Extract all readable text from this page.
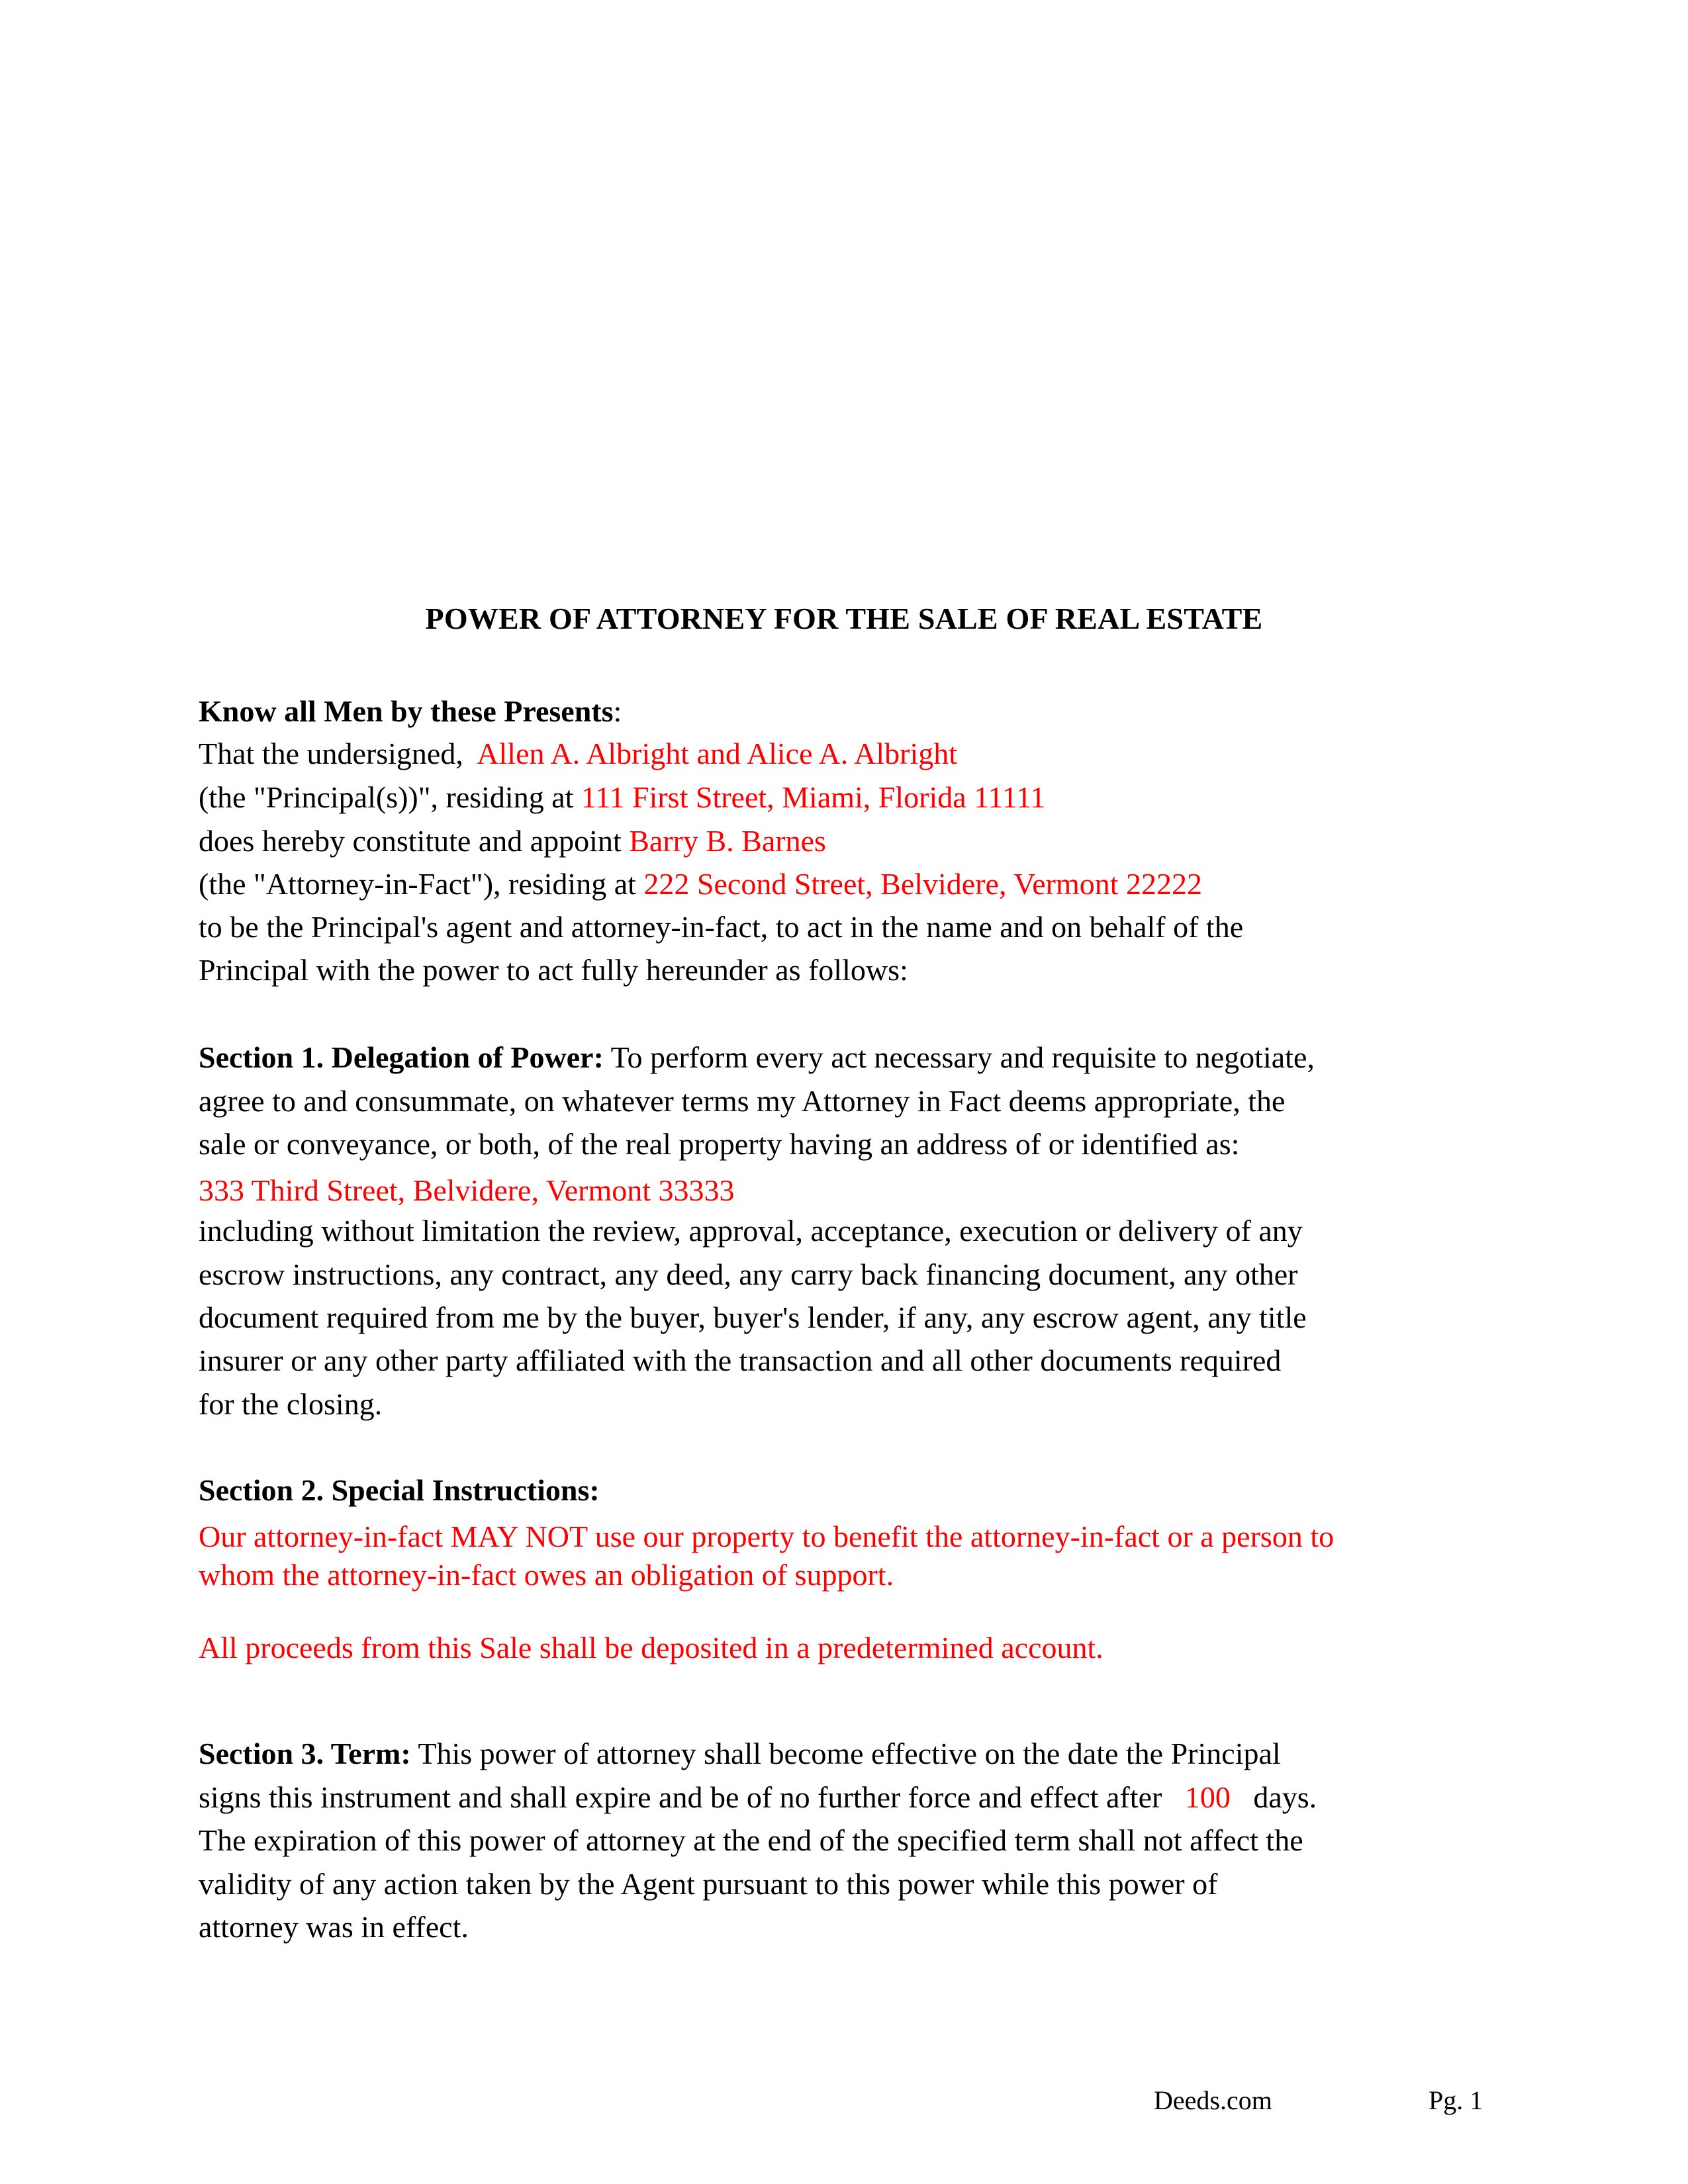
POWER OF ATTORNEY FOR THE SALE OF REAL ESTATE
Know all Men by these Presents:
That the undersigned, Allen A. Albright and Alice A. Albright
(the "Principal(s))", residing at 111 First Street, Miami, Florida 11111
does hereby constitute and appoint Barry B. Barnes
(the "Attorney-in-Fact"), residing at 222 Second Street, Belvidere, Vermont 22222
to be the Principal's agent and attorney-in-fact, to act in the name and on behalf of the
Principal with the power to act fully hereunder as follows:
Section 1. Delegation of Power: To perform every act necessary and requisite to negotiate,
agree to and consummate, on whatever terms my Attorney in Fact deems appropriate, the
sale or conveyance, or both, of the real property having an address of or identified as:
333 Third Street, Belvidere, Vermont 33333
including without limitation the review, approval, acceptance, execution or delivery of any
escrow instructions, any contract, any deed, any carry back financing document, any other
document required from me by the buyer, buyer's lender, if any, any escrow agent, any title
insurer or any other party affiliated with the transaction and all other documents required
for the closing.
Section 2. Special Instructions:
Our attorney-in-fact MAY NOT use our property to benefit the attorney-in-fact or a person to
whom the attorney-in-fact owes an obligation of support.
All proceeds from this Sale shall be deposited in a predetermined account.
Section 3. Term: This power of attorney shall become effective on the date the Principal
signs this instrument and shall expire and be of no further force and effect after 100 days.
The expiration of this power of attorney at the end of the specified term shall not affect the
validity of any action taken by the Agent pursuant to this power while this power of
attorney was in effect.
Deeds.com	Pg. 1
